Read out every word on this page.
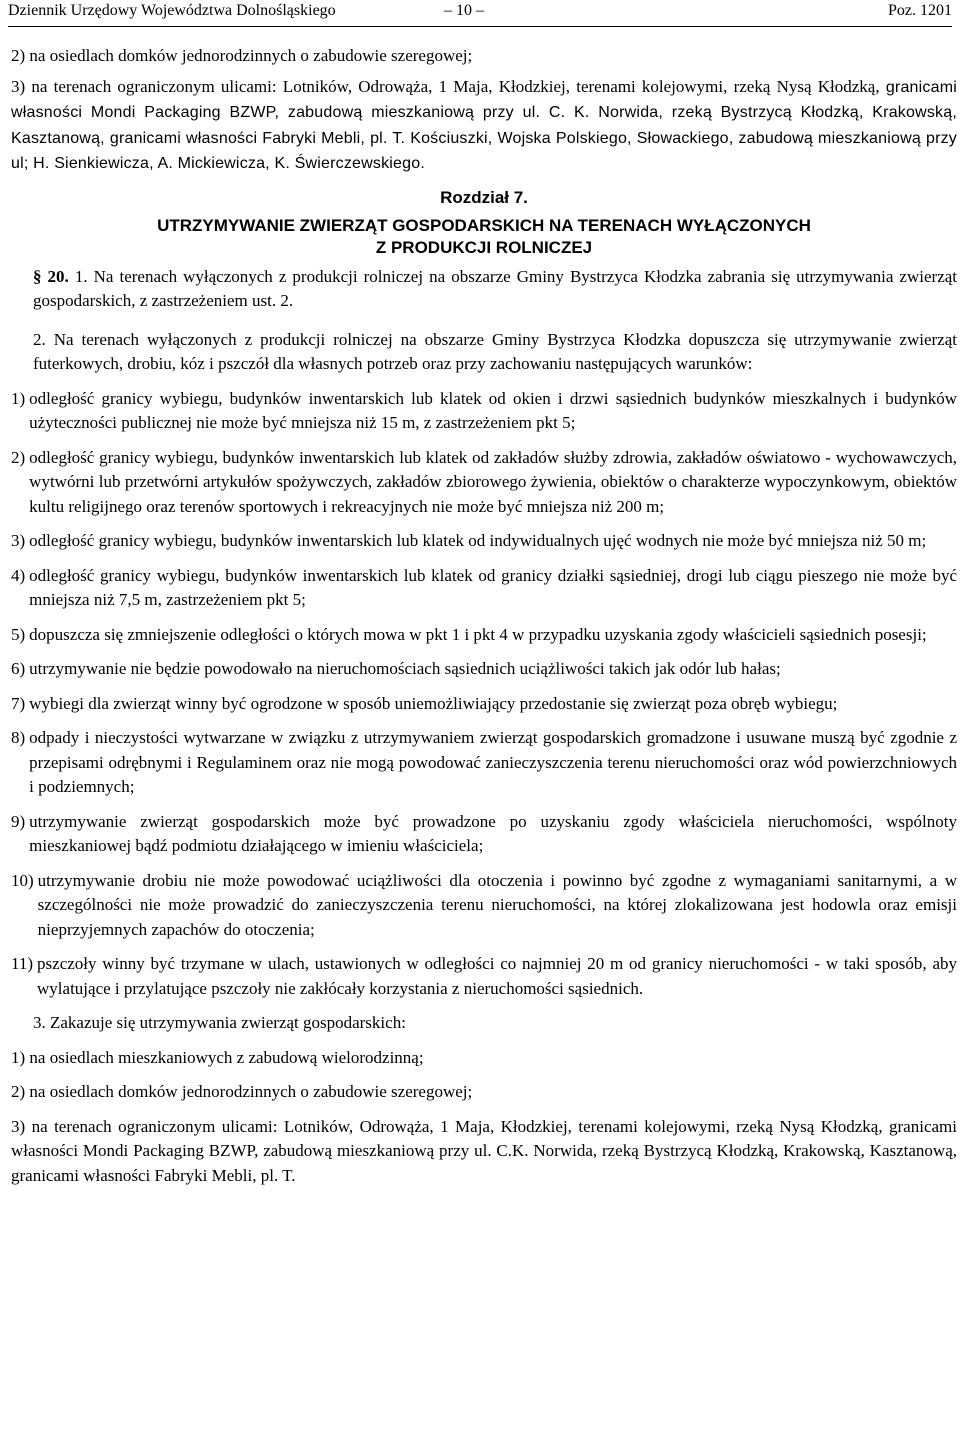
Dziennik Urzędowy Województwa Dolnośląskiego	– 10 –	Poz. 1201

2) na osiedlach domków jednorodzinnych o zabudowie szeregowej;

3) na terenach ograniczonym ulicami: Lotników, Odrowąża, 1 Maja, Kłodzkiej, terenami kolejowymi, rzeką Nysą Kłodzką, granicami własności Mondi Packaging BZWP, zabudową mieszkaniową przy ul. C. K. Norwida, rzeką Bystrzycą Kłodzką, Krakowską, Kasztanową, granicami własności Fabryki Mebli, pl. T. Kościuszki, Wojska Polskiego, Słowackiego, zabudową mieszkaniową przy ul; H. Sienkiewicza, A. Mickiewicza, K. Świerczewskiego.

Rozdział 7.
UTRZYMYWANIE ZWIERZĄT GOSPODARSKICH NA TERENACH WYŁĄCZONYCH
Z PRODUKCJI ROLNICZEJ

§ 20. 1. Na terenach wyłączonych z produkcji rolniczej na obszarze Gminy Bystrzyca Kłodzka zabrania się utrzymywania zwierząt gospodarskich, z zastrzeżeniem ust. 2.

2. Na terenach wyłączonych z produkcji rolniczej na obszarze Gminy Bystrzyca Kłodzka dopuszcza się utrzymywanie zwierząt futerkowych, drobiu, kóz i pszczół dla własnych potrzeb oraz przy zachowaniu następujących warunków:

1) odległość granicy wybiegu, budynków inwentarskich lub klatek od okien i drzwi sąsiednich budynków mieszkalnych i budynków użyteczności publicznej nie może być mniejsza niż 15 m, z zastrzeżeniem pkt 5;
2) odległość granicy wybiegu, budynków inwentarskich lub klatek od zakładów służby zdrowia, zakładów oświatowo - wychowawczych, wytwórni lub przetwórni artykułów spożywczych, zakładów zbiorowego żywienia, obiektów o charakterze wypoczynkowym, obiektów kultu religijnego oraz terenów sportowych i rekreacyjnych nie może być mniejsza niż 200 m;
3) odległość granicy wybiegu, budynków inwentarskich lub klatek od indywidualnych ujęć wodnych nie może być mniejsza niż 50 m;
4) odległość granicy wybiegu, budynków inwentarskich lub klatek od granicy działki sąsiedniej, drogi lub ciągu pieszego nie może być mniejsza niż 7,5 m, zastrzeżeniem pkt 5;
5) dopuszcza się zmniejszenie odległości o których mowa w pkt 1 i pkt 4 w przypadku uzyskania zgody właścicieli sąsiednich posesji;
6) utrzymywanie nie będzie powodowało na nieruchomościach sąsiednich uciążliwości takich jak odór lub hałas;
7) wybiegi dla zwierząt winny być ogrodzone w sposób uniemożliwiający przedostanie się zwierząt poza obręb wybiegu;
8) odpady i nieczystości wytwarzane w związku z utrzymywaniem zwierząt gospodarskich gromadzone i usuwane muszą być zgodnie z przepisami odrębnymi i Regulaminem oraz nie mogą powodować zanieczyszczenia terenu nieruchomości oraz wód powierzchniowych i podziemnych;
9) utrzymywanie zwierząt gospodarskich może być prowadzone po uzyskaniu zgody właściciela nieruchomości, wspólnoty mieszkaniowej bądź podmiotu działającego w imieniu właściciela;
10) utrzymywanie drobiu nie może powodować uciążliwości dla otoczenia i powinno być zgodne z wymaganiami sanitarnymi, a w szczególności nie może prowadzić do zanieczyszczenia terenu nieruchomości, na której zlokalizowana jest hodowla oraz emisji nieprzyjemnych zapachów do otoczenia;
11) pszczoły winny być trzymane w ulach, ustawionych w odległości co najmniej 20 m od granicy nieruchomości - w taki sposób, aby wylatujące i przylatujące pszczoły nie zakłócały korzystania z nieruchomości sąsiednich.

3. Zakazuje się utrzymywania zwierząt gospodarskich:

1) na osiedlach mieszkaniowych z zabudową wielorodzinną;

2) na osiedlach domków jednorodzinnych o zabudowie szeregowej;

3) na terenach ograniczonym ulicami: Lotników, Odrowąża, 1 Maja, Kłodzkiej, terenami kolejowymi, rzeką Nysą Kłodzką, granicami własności Mondi Packaging BZWP, zabudową mieszkaniową przy ul. C.K. Norwida, rzeką Bystrzycą Kłodzką, Krakowską, Kasztanową, granicami własności Fabryki Mebli, pl. T.
